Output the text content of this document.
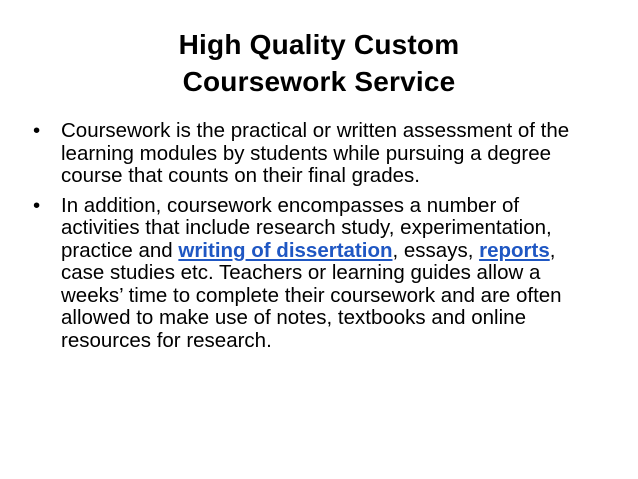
High Quality Custom
Coursework Service
• Coursework is the practical or written assessment of the learning modules by students while pursuing a degree course that counts on their final grades.
• In addition, coursework encompasses a number of activities that include research study, experimentation, practice and writing of dissertation, essays, reports, case studies etc. Teachers or learning guides allow a weeks’ time to complete their coursework and are often allowed to make use of notes, textbooks and online resources for research.
